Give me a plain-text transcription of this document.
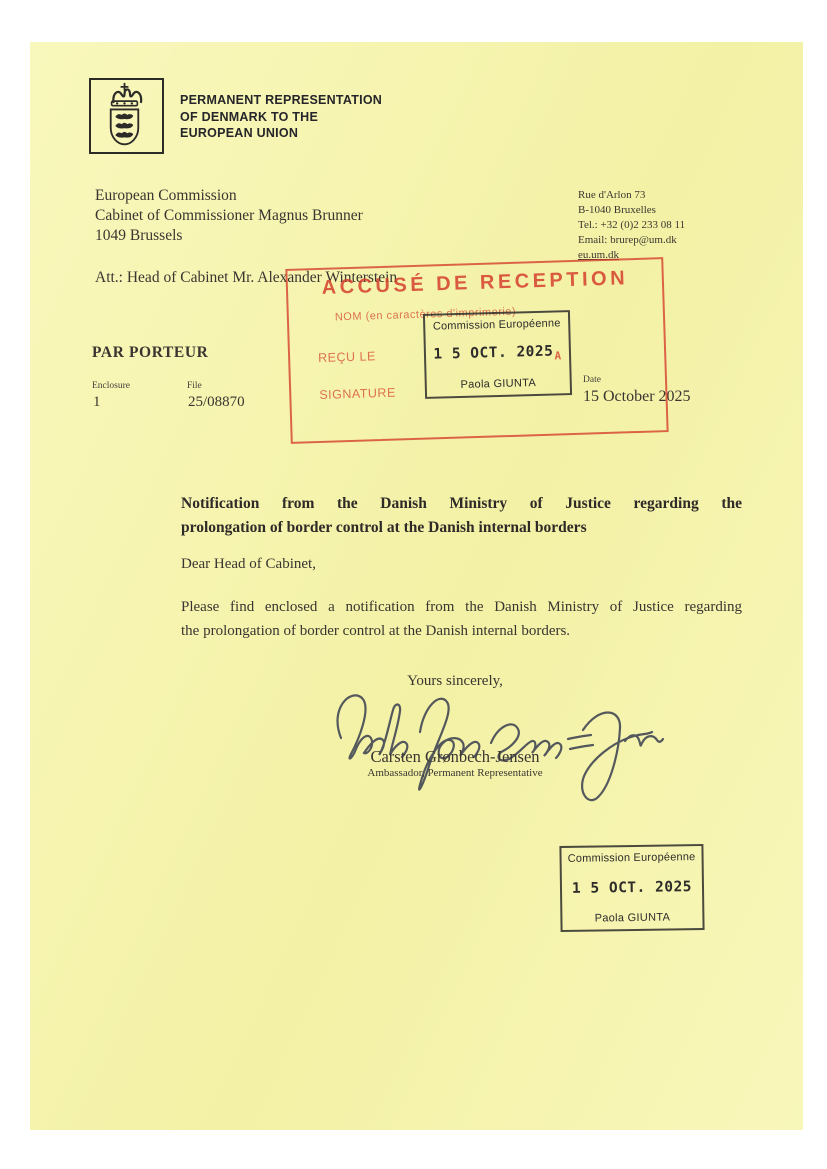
PERMANENT REPRESENTATION
OF DENMARK TO THE
EUROPEAN UNION
European Commission
Cabinet of Commissioner Magnus Brunner
1049 Brussels
Att.: Head of Cabinet Mr. Alexander Winterstein
Rue d'Arlon 73
B-1040 Bruxelles
Tel.: +32 (0)2 233 08 11
Email: brurep@um.dk
eu.um.dk
PAR PORTEUR
Enclosure
1
File
25/08870
Date
15 October 2025
ACCUSÉ DE RECEPTION
NOM (en caractères d'imprimerie)
REÇU LE
SIGNATURE
Commission Européenne
1 5 OCT. $2025_A$
Paola GIUNTA
Notification from the Danish Ministry of Justice regarding the
prolongation of border control at the Danish internal borders
Dear Head of Cabinet,
Please find enclosed a notification from the Danish Ministry of Justice regarding
the prolongation of border control at the Danish internal borders.
Yours sincerely,
Carsten Grønbech-Jensen
Ambassador, Permanent Representative
Commission Européenne
1 5 OCT. 2025
Paola GIUNTA
